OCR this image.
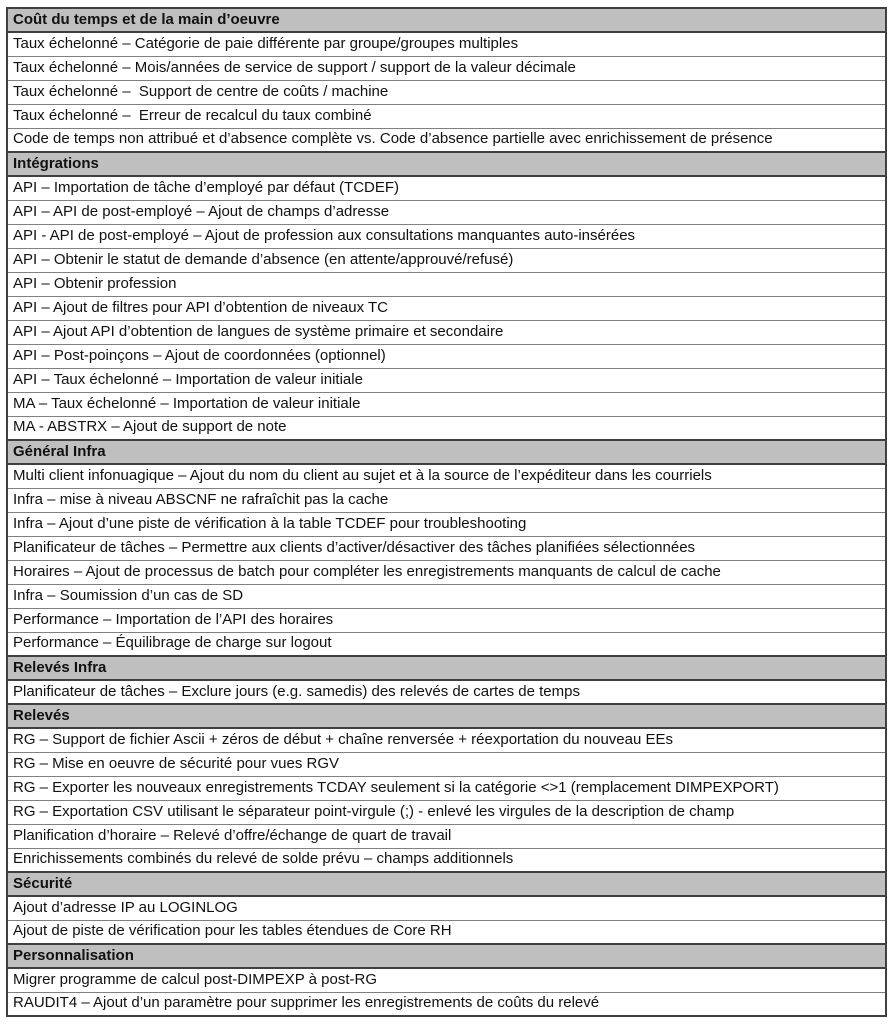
Coût du temps et de la main d’oeuvre
Taux échelonné – Catégorie de paie différente par groupe/groupes multiples
Taux échelonné – Mois/années de service de support / support de la valeur décimale
Taux échelonné –  Support de centre de coûts / machine
Taux échelonné –  Erreur de recalcul du taux combiné
Code de temps non attribué et d’absence complète vs. Code d’absence partielle avec enrichissement de présence
Intégrations
API – Importation de tâche d’employé par défaut (TCDEF)
API – API de post-employé – Ajout de champs d’adresse
API - API de post-employé – Ajout de profession aux consultations manquantes auto-insérées
API – Obtenir le statut de demande d’absence (en attente/approuvé/refusé)
API – Obtenir profession
API – Ajout de filtres pour API d’obtention de niveaux TC
API – Ajout API d’obtention de langues de système primaire et secondaire
API – Post-poinçons – Ajout de coordonnées (optionnel)
API – Taux échelonné – Importation de valeur initiale
MA – Taux échelonné – Importation de valeur initiale
MA - ABSTRX – Ajout de support de note
Général Infra
Multi client infonuagique – Ajout du nom du client au sujet et à la source de l’expéditeur dans les courriels
Infra – mise à niveau ABSCNF ne rafraîchit pas la cache
Infra – Ajout d’une piste de vérification à la table TCDEF pour troubleshooting
Planificateur de tâches – Permettre aux clients d’activer/désactiver des tâches planifiées sélectionnées
Horaires – Ajout de processus de batch pour compléter les enregistrements manquants de calcul de cache
Infra – Soumission d’un cas de SD
Performance – Importation de l’API des horaires
Performance – Équilibrage de charge sur logout
Relevés Infra
Planificateur de tâches – Exclure jours (e.g. samedis) des relevés de cartes de temps
Relevés
RG – Support de fichier Ascii + zéros de début + chaîne renversée + réexportation du nouveau EEs
RG – Mise en oeuvre de sécurité pour vues RGV
RG – Exporter les nouveaux enregistrements TCDAY seulement si la catégorie <>1 (remplacement DIMPEXPORT)
RG – Exportation CSV utilisant le séparateur point-virgule (;) - enlevé les virgules de la description de champ
Planification d’horaire – Relevé d’offre/échange de quart de travail
Enrichissements combinés du relevé de solde prévu – champs additionnels
Sécurité
Ajout d’adresse IP au LOGINLOG
Ajout de piste de vérification pour les tables étendues de Core RH
Personnalisation
Migrer programme de calcul post-DIMPEXP à post-RG
RAUDIT4 – Ajout d’un paramètre pour supprimer les enregistrements de coûts du relevé
